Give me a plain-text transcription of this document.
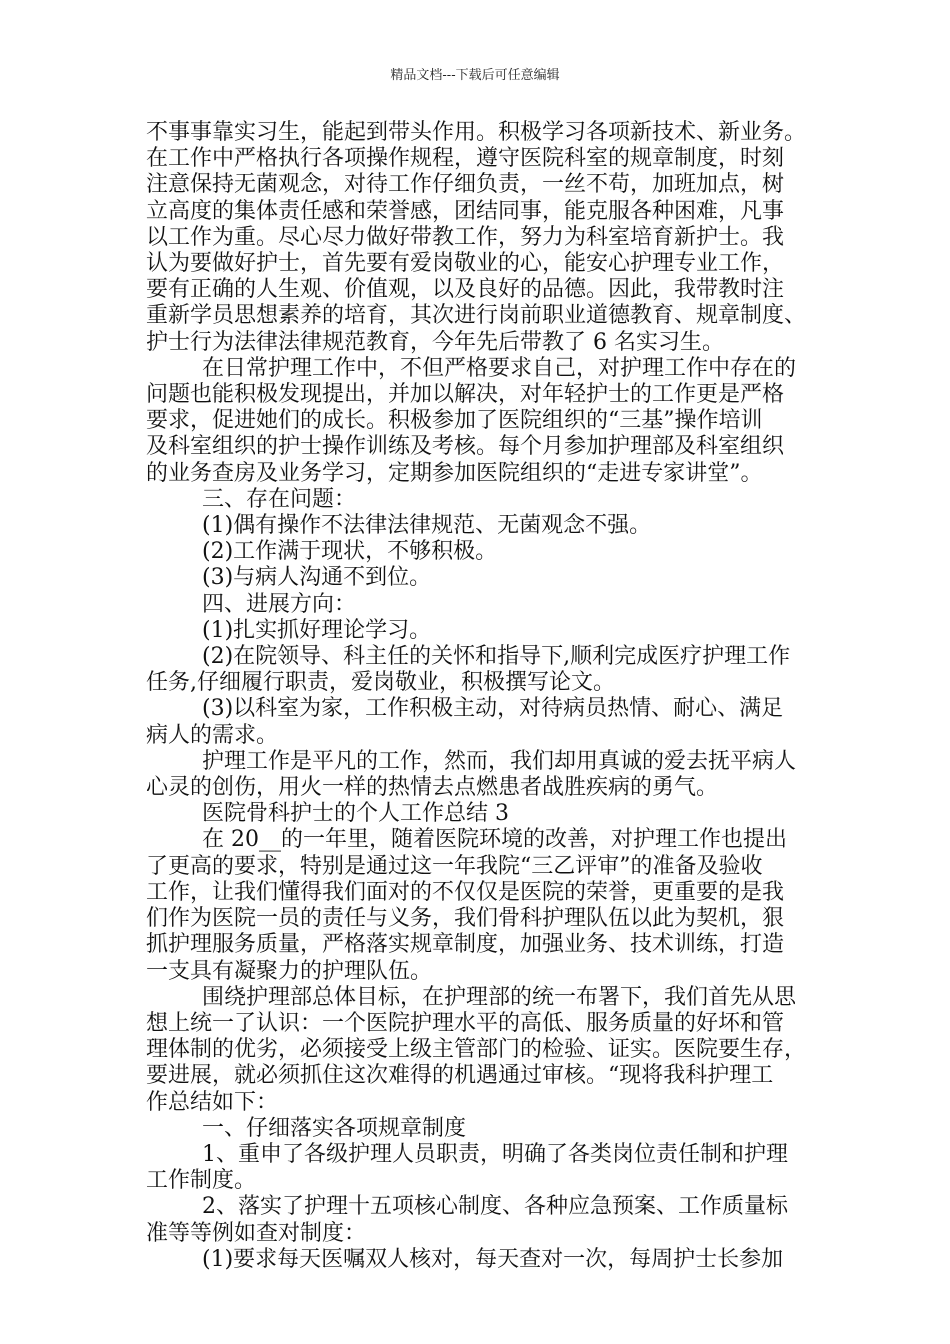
精品文档---下载后可任意编辑

不事事靠实习生，能起到带头作用。积极学习各项新技术、新业务。

在工作中严格执行各项操作规程，遵守医院科室的规章制度，时刻

注意保持无菌观念，对待工作仔细负责，一丝不苟，加班加点，树

立高度的集体责任感和荣誉感，团结同事，能克服各种困难，凡事

以工作为重。尽心尽力做好带教工作，努力为科室培育新护士。我

认为要做好护士，首先要有爱岗敬业的心，能安心护理专业工作，

要有正确的人生观、价值观，以及良好的品德。因此，我带教时注

重新学员思想素养的培育，其次进行岗前职业道德教育、规章制度、

护士行为法律法律规范教育，今年先后带教了 6 名实习生。

在日常护理工作中，不但严格要求自己，对护理工作中存在的

问题也能积极发现提出，并加以解决，对年轻护士的工作更是严格

要求，促进她们的成长。积极参加了医院组织的“三基”操作培训

及科室组织的护士操作训练及考核。每个月参加护理部及科室组织

的业务查房及业务学习，定期参加医院组织的“走进专家讲堂”。

三、存在问题：

(1)偶有操作不法律法律规范、无菌观念不强。

(2)工作满于现状，不够积极。

(3)与病人沟通不到位。

四、进展方向：

(1)扎实抓好理论学习。

(2)在院领导、科主任的关怀和指导下,顺利完成医疗护理工作

任务,仔细履行职责，爱岗敬业，积极撰写论文。

(3)以科室为家，工作积极主动，对待病员热情、耐心、满足

病人的需求。

护理工作是平凡的工作，然而，我们却用真诚的爱去抚平病人

心灵的创伤，用火一样的热情去点燃患者战胜疾病的勇气。

医院骨科护士的个人工作总结 3

在 20__的一年里，随着医院环境的改善，对护理工作也提出

了更高的要求，特别是通过这一年我院“三乙评审”的准备及验收

工作，让我们懂得我们面对的不仅仅是医院的荣誉，更重要的是我

们作为医院一员的责任与义务，我们骨科护理队伍以此为契机，狠

抓护理服务质量，严格落实规章制度，加强业务、技术训练，打造

一支具有凝聚力的护理队伍。

围绕护理部总体目标，在护理部的统一布署下，我们首先从思

想上统一了认识：一个医院护理水平的高低、服务质量的好坏和管

理体制的优劣，必须接受上级主管部门的检验、证实。医院要生存，

要进展，就必须抓住这次难得的机遇通过审核。“现将我科护理工

作总结如下：

一、仔细落实各项规章制度

1、重申了各级护理人员职责，明确了各类岗位责任制和护理

工作制度。

2、落实了护理十五项核心制度、各种应急预案、工作质量标

准等等例如查对制度：

(1)要求每天医嘱双人核对，每天查对一次，每周护士长参加
